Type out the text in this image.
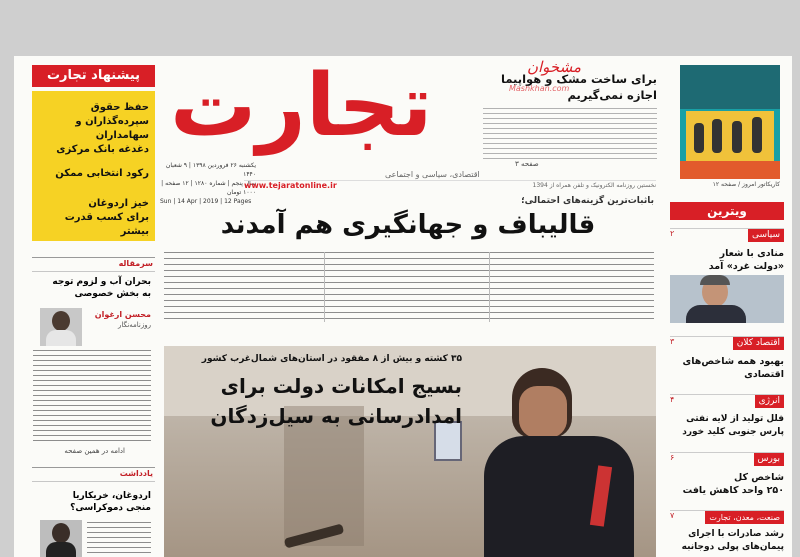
پیشنهاد تجارت
حفظ حقوق
سپرده‌گذاران و سهامداران
دغدغه بانک مرکزی
رکود انتخابی ممکن
خیز اردوغان
برای کسب قدرت بیشتر
سرمقاله
بحران آب و لزوم توجه
به بخش خصوصی
محسن ارغوان
روزنامه‌نگار
ادامه در همین صفحه
یادداشت
اردوغان، خریکاریا
منجی دموکراسی؟
تجارت
اقتصادی، سیاسی و اجتماعی
یکشنبه ۲۶ فروردین ۱۳۹۸ | ۹ شعبان ۱۴۴۰
سال پنجم | شماره ۱۲۸۰ | ۱۲ صفحه | ۱۰۰۰ تومان
Sun | 14 Apr | 2019 | 12 Pages
نخستین روزنامه الکترونیک و تلفن همراه از 1394
www.tejaratonline.ir
مشخوان
Mashkhan.com
برای ساخت مشک و هواپیما
اجازه نمی‌گیریم
صفحه ۳
کاریکاتور امروز / صفحه ۱۲
باثبات‌ترین گزینه‌های احتمالی؛
قالیباف و جهانگیری هم آمدند
۳۵ کشته و بیش از ۸ مفقود در استان‌های شمال‌غرب کشور
بسیج امکانات دولت برای
امدادرسانی به سیل‌زدگان
ویترین
سیاسی
۲
منادی با شعار
«دولت غرد» آمد
اقتصاد کلان
۳
بهبود همه شاخص‌های
اقتصادی
انرژی
۴
فلل تولید از لایه نفتی
پارس جنوبی کلید خورد
بورس
۶
شاخص کل
۲۵۰ واحد کاهش یافت
صنعت، معدن، تجارت
۷
رشد صادرات با اجرای
پیمان‌های پولی دوجانبه
